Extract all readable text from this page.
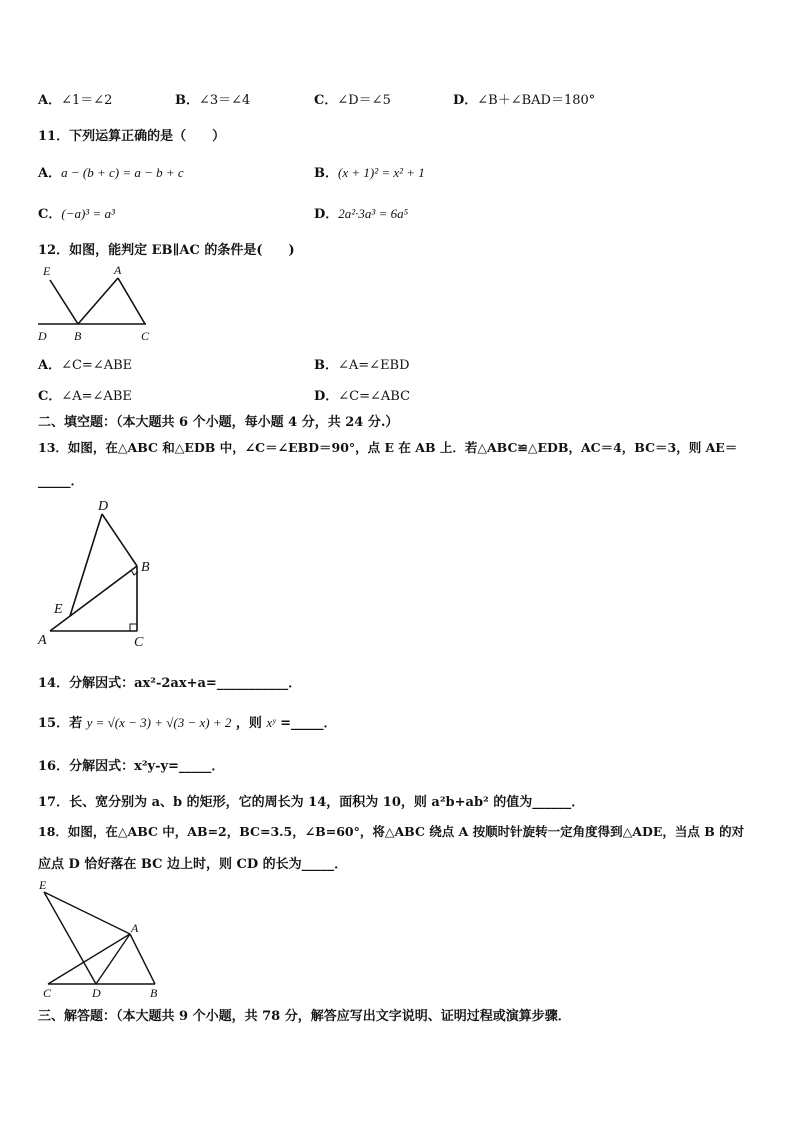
A．∠1＝∠2	B．∠3＝∠4	C．∠D＝∠5	D．∠B＋∠BAD＝180°
11．下列运算正确的是（　　）
A．a − (b + c) = a − b + c	B．(x + 1)² = x² + 1
C．(−a)³ = a³	D．2a²·3a³ = 6a⁵
12．如图，能判定 EB∥AC 的条件是(　　)
E	A
D B	C
A．∠C=∠ABE	B．∠A=∠EBD
C．∠A=∠ABE	D．∠C=∠ABC
二、填空题：（本大题共 6 个小题，每小题 4 分，共 24 分.）
13．如图，在△ABC 和△EDB 中，∠C＝∠EBD＝90°，点 E 在 AB 上．若△ABC≌△EDB，AC＝4，BC＝3，则 AE＝
_____．
D
B
E
A	C
14．分解因式：ax²-2ax+a=___________．
15．若 y = √(x − 3) + √(3 − x) + 2 ，则 xʸ =_____．
16．分解因式：x²y-y=_____．
17．长、宽分别为 a、b 的矩形，它的周长为 14，面积为 10，则 a²b+ab² 的值为______．
18．如图，在△ABC 中，AB=2，BC=3.5，∠B=60°，将△ABC 绕点 A 按顺时针旋转一定角度得到△ADE，当点 B 的对
应点 D 恰好落在 BC 边上时，则 CD 的长为_____．
E
A
C	D	B
三、解答题：（本大题共 9 个小题，共 78 分，解答应写出文字说明、证明过程或演算步骤．
